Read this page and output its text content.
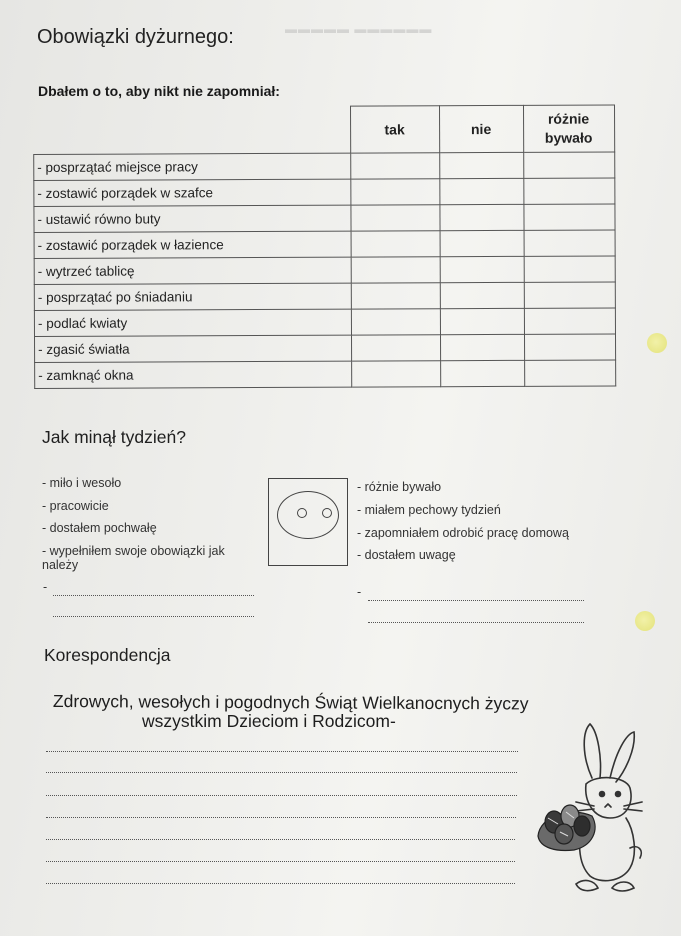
▬▬▬▬▬ ▬▬▬▬▬▬
Obowiązki dyżurnego:
Dbałem o to, aby nikt nie zapomniał:
	tak	nie	różnie bywało

- posprzątać miejsce pracy			
- zostawić porządek w szafce			
- ustawić równo buty			
- zostawić porządek w łazience			
- wytrzeć tablicę			
- posprzątać po śniadaniu			
- podlać kwiaty			
- zgasić światła			
- zamknąć okna			
Jak minął tydzień?
- miło i wesoło
- pracowicie
- dostałem pochwałę
- wypełniłem swoje obowiązki jak należy
-
- różnie bywało
- miałem pechowy tydzień
- zapomniałem odrobić pracę domową
- dostałem uwagę
-
Korespondencja
Zdrowych, wesołych i pogodnych Świąt Wielkanocnych życzy
wszystkim Dzieciom i Rodzicom-
